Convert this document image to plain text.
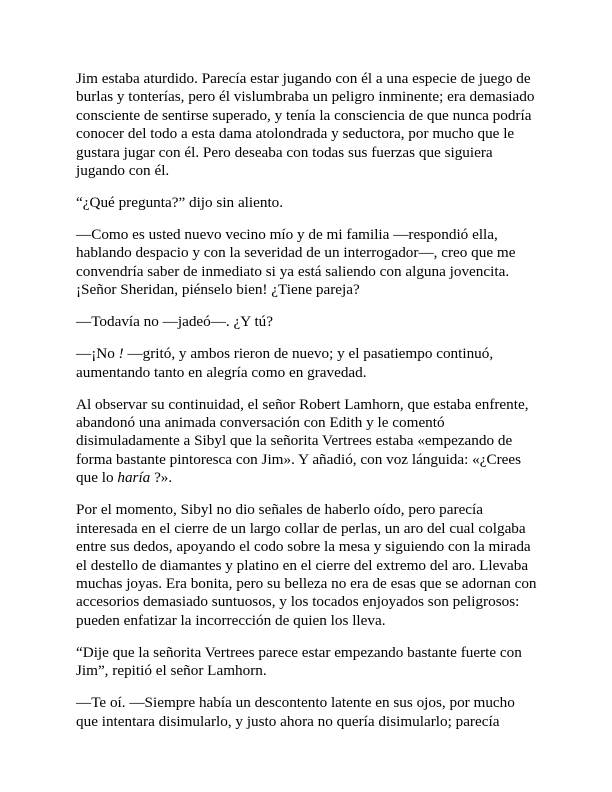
Jim estaba aturdido. Parecía estar jugando con él a una especie de juego de burlas y tonterías, pero él vislumbraba un peligro inminente; era demasiado consciente de sentirse superado, y tenía la consciencia de que nunca podría conocer del todo a esta dama atolondrada y seductora, por mucho que le gustara jugar con él. Pero deseaba con todas sus fuerzas que siguiera jugando con él.

“¿Qué pregunta?” dijo sin aliento.

—Como es usted nuevo vecino mío y de mi familia —respondió ella, hablando despacio y con la severidad de un interrogador—, creo que me convendría saber de inmediato si ya está saliendo con alguna jovencita. ¡Señor Sheridan, piénselo bien! ¿Tiene pareja?

—Todavía no —jadeó—. ¿Y tú?

—¡No ! —gritó, y ambos rieron de nuevo; y el pasatiempo continuó, aumentando tanto en alegría como en gravedad.

Al observar su continuidad, el señor Robert Lamhorn, que estaba enfrente, abandonó una animada conversación con Edith y le comentó disimuladamente a Sibyl que la señorita Vertrees estaba «empezando de forma bastante pintoresca con Jim». Y añadió, con voz lánguida: «¿Crees que lo haría ?».

Por el momento, Sibyl no dio señales de haberlo oído, pero parecía interesada en el cierre de un largo collar de perlas, un aro del cual colgaba entre sus dedos, apoyando el codo sobre la mesa y siguiendo con la mirada el destello de diamantes y platino en el cierre del extremo del aro. Llevaba muchas joyas. Era bonita, pero su belleza no era de esas que se adornan con accesorios demasiado suntuosos, y los tocados enjoyados son peligrosos: pueden enfatizar la incorrección de quien los lleva.

“Dije que la señorita Vertrees parece estar empezando bastante fuerte con Jim”, repitió el señor Lamhorn.

—Te oí. —Siempre había un descontento latente en sus ojos, por mucho que intentara disimularlo, y justo ahora no quería disimularlo; parecía
